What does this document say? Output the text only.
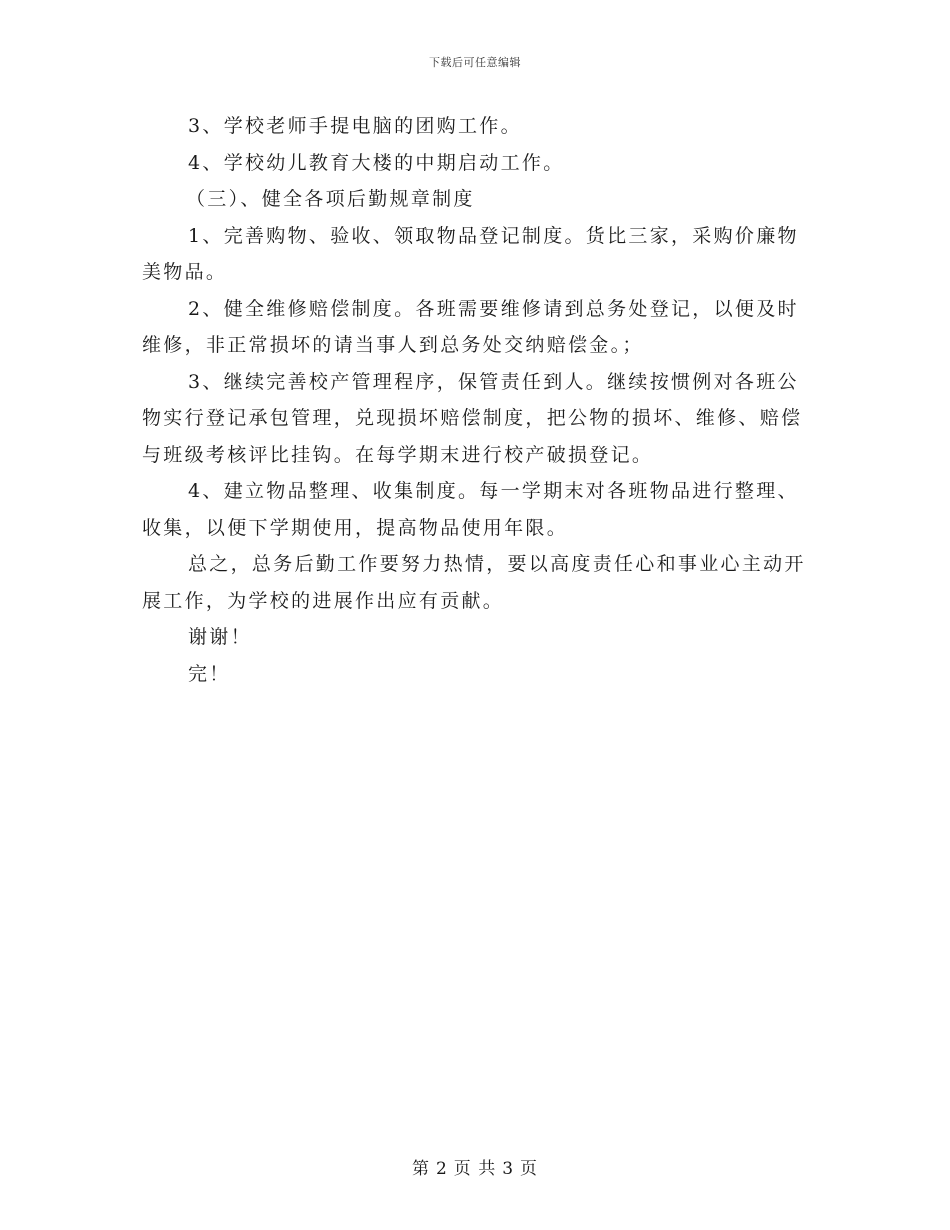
下载后可任意编辑

3、学校老师手提电脑的团购工作。

4、学校幼儿教育大楼的中期启动工作。

（三）、健全各项后勤规章制度

1、完善购物、验收、领取物品登记制度。货比三家，采购价廉物美物品。

2、健全维修赔偿制度。各班需要维修请到总务处登记，以便及时维修，非正常损坏的请当事人到总务处交纳赔偿金。；

3、继续完善校产管理程序，保管责任到人。继续按惯例对各班公物实行登记承包管理，兑现损坏赔偿制度，把公物的损坏、维修、赔偿与班级考核评比挂钩。在每学期末进行校产破损登记。

4、建立物品整理、收集制度。每一学期末对各班物品进行整理、收集，以便下学期使用，提高物品使用年限。

总之，总务后勤工作要努力热情，要以高度责任心和事业心主动开展工作，为学校的进展作出应有贡献。

谢谢！

完！

第 2 页 共 3 页
